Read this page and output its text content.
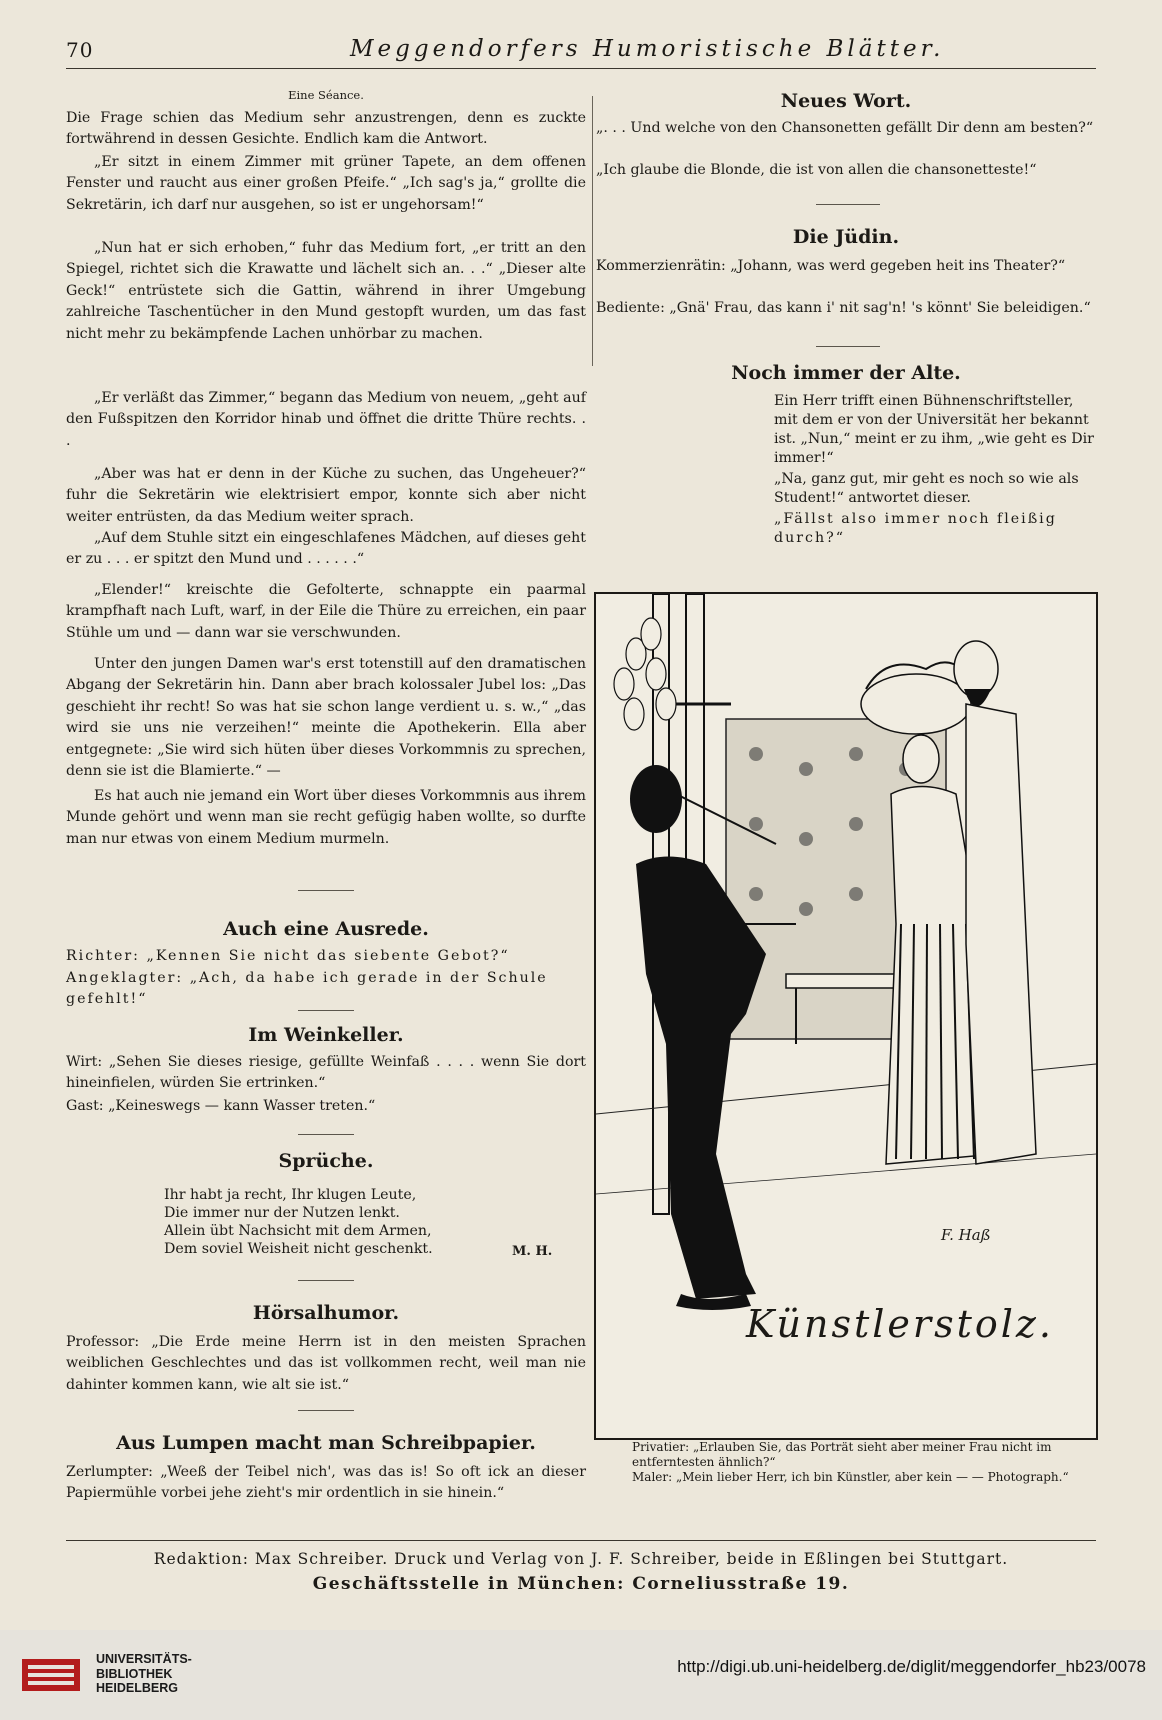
70	Meggendorfers Humoristische Blätter.
Eine Séance.

Die Frage schien das Medium sehr anzustrengen, denn es zuckte fortwährend in dessen Gesichte. Endlich kam die Antwort.

„Er sitzt in einem Zimmer mit grüner Tapete, an dem offenen Fenster und raucht aus einer großen Pfeife.“ „Ich sag's ja,“ grollte die Sekretärin, ich darf nur ausgehen, so ist er ungehorsam!“

„Nun hat er sich erhoben,“ fuhr das Medium fort, „er tritt an den Spiegel, richtet sich die Krawatte und lächelt sich an. . .“ „Dieser alte Geck!“ entrüstete sich die Gattin, während in ihrer Umgebung zahlreiche Taschentücher in den Mund gestopft wurden, um das fast nicht mehr zu bekämpfende Lachen unhörbar zu machen.

„Er verläßt das Zimmer,“ begann das Medium von neuem, „geht auf den Fußspitzen den Korridor hinab und öffnet die dritte Thüre rechts. . .

„Aber was hat er denn in der Küche zu suchen, das Ungeheuer?“ fuhr die Sekretärin wie elektrisiert empor, konnte sich aber nicht weiter entrüsten, da das Medium weiter sprach.

„Auf dem Stuhle sitzt ein eingeschlafenes Mädchen, auf dieses geht er zu . . . er spitzt den Mund und . . . . . .“

„Elender!“ kreischte die Gefolterte, schnappte ein paarmal krampfhaft nach Luft, warf, in der Eile die Thüre zu erreichen, ein paar Stühle um und — dann war sie verschwunden.

Unter den jungen Damen war's erst totenstill auf den dramatischen Abgang der Sekretärin hin. Dann aber brach kolossaler Jubel los: „Das geschieht ihr recht! So was hat sie schon lange verdient u. s. w.,“ „das wird sie uns nie verzeihen!“ meinte die Apothekerin. Ella aber entgegnete: „Sie wird sich hüten über dieses Vorkommnis zu sprechen, denn sie ist die Blamierte.“ —

Es hat auch nie jemand ein Wort über dieses Vorkommnis aus ihrem Munde gehört und wenn man sie recht gefügig haben wollte, so durfte man nur etwas von einem Medium murmeln.

Auch eine Ausrede.

Richter: „Kennen Sie nicht das siebente Gebot?“

Angeklagter: „Ach, da habe ich gerade in der Schule gefehlt!“

Im Weinkeller.

Wirt: „Sehen Sie dieses riesige, gefüllte Weinfaß . . . . wenn Sie dort hineinfielen, würden Sie ertrinken.“

Gast: „Keineswegs — kann Wasser treten.“

Sprüche.
Ihr habt ja recht, Ihr klugen Leute,
Die immer nur der Nutzen lenkt.
Allein übt Nachsicht mit dem Armen,
Dem soviel Weisheit nicht geschenkt.	M. H.
Hörsalhumor.

Professor: „Die Erde meine Herrn ist in den meisten Sprachen weiblichen Geschlechtes und das ist vollkommen recht, weil man nie dahinter kommen kann, wie alt sie ist.“

Aus Lumpen macht man Schreibpapier.

Zerlumpter: „Weeß der Teibel nich', was das is! So oft ick an dieser Papiermühle vorbei jehe zieht's mir ordentlich in sie hinein.“

Neues Wort.

„. . . Und welche von den Chansonetten gefällt Dir denn am besten?“

„Ich glaube die Blonde, die ist von allen die chansonetteste!“

Die Jüdin.

Kommerzienrätin: „Johann, was werd gegeben heit ins Theater?“

Bediente: „Gnä' Frau, das kann i' nit sag'n! 's könnt' Sie beleidigen.“

Noch immer der Alte.

Ein Herr trifft einen Bühnenschriftsteller, mit dem er von der Universität her bekannt ist. „Nun,“ meint er zu ihm, „wie geht es Dir immer!“

„Na, ganz gut, mir geht es noch so wie als Student!“ antwortet dieser.

„Fällst also immer noch fleißig durch?“

F. Haß
Künstlerstolz.
Privatier: „Erlauben Sie, das Porträt sieht aber meiner Frau nicht im entferntesten ähnlich?“
Maler: „Mein lieber Herr, ich bin Künstler, aber kein — — Photograph.“
Redaktion: Max Schreiber. Druck und Verlag von J. F. Schreiber, beide in Eßlingen bei Stuttgart.
Geschäftsstelle in München: Corneliusstraße 19.
UNIVERSITÄTS-
BIBLIOTHEK
HEIDELBERG
http://digi.ub.uni-heidelberg.de/diglit/meggendorfer_hb23/0078
